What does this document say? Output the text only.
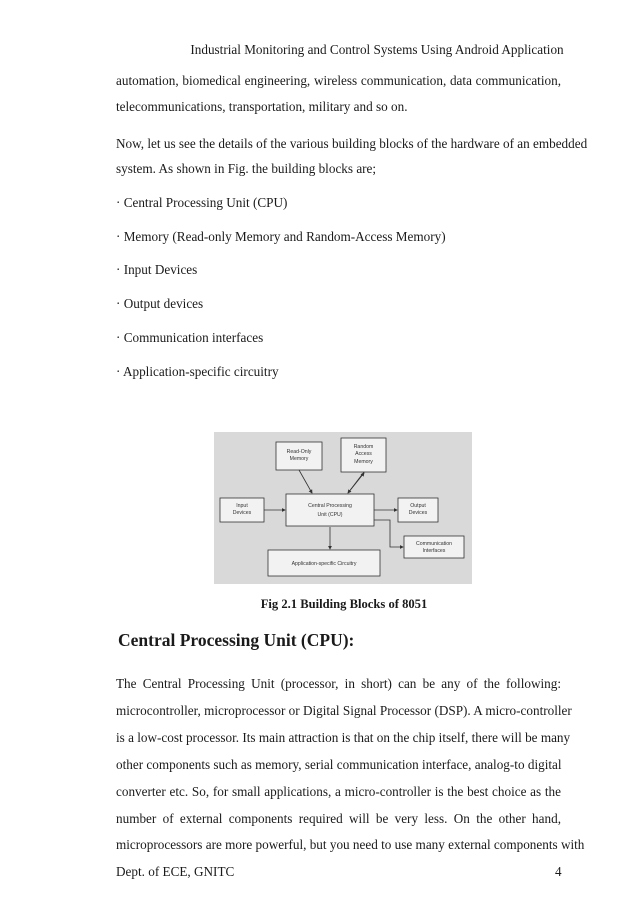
Industrial Monitoring and Control Systems Using Android Application
automation, biomedical engineering, wireless communication, data communication,
telecommunications, transportation, military and so on.
Now, let us see the details of the various building blocks of the hardware of an embedded
system. As shown in Fig. the building blocks are;
· Central Processing Unit (CPU)
· Memory (Read-only Memory and Random-Access Memory)
· Input Devices
· Output devices
· Communication interfaces
· Application-specific circuitry
Read-Only
Memory
Random
Access
Memory
Input
Devices
Central Processing
Unit (CPU)
Output
Devices
Communication
Interfaces
Application-specific Circuitry
Fig 2.1 Building Blocks of 8051
Central Processing Unit (CPU):
The Central Processing Unit (processor, in short) can be any of the following:
microcontroller, microprocessor or Digital Signal Processor (DSP). A micro-controller
is a low-cost processor. Its main attraction is that on the chip itself, there will be many
other components such as memory, serial communication interface, analog-to digital
converter etc. So, for small applications, a micro-controller is the best choice as the
number of external components required will be very less. On the other hand,
microprocessors are more powerful, but you need to use many external components with
Dept. of ECE, GNITC	4
